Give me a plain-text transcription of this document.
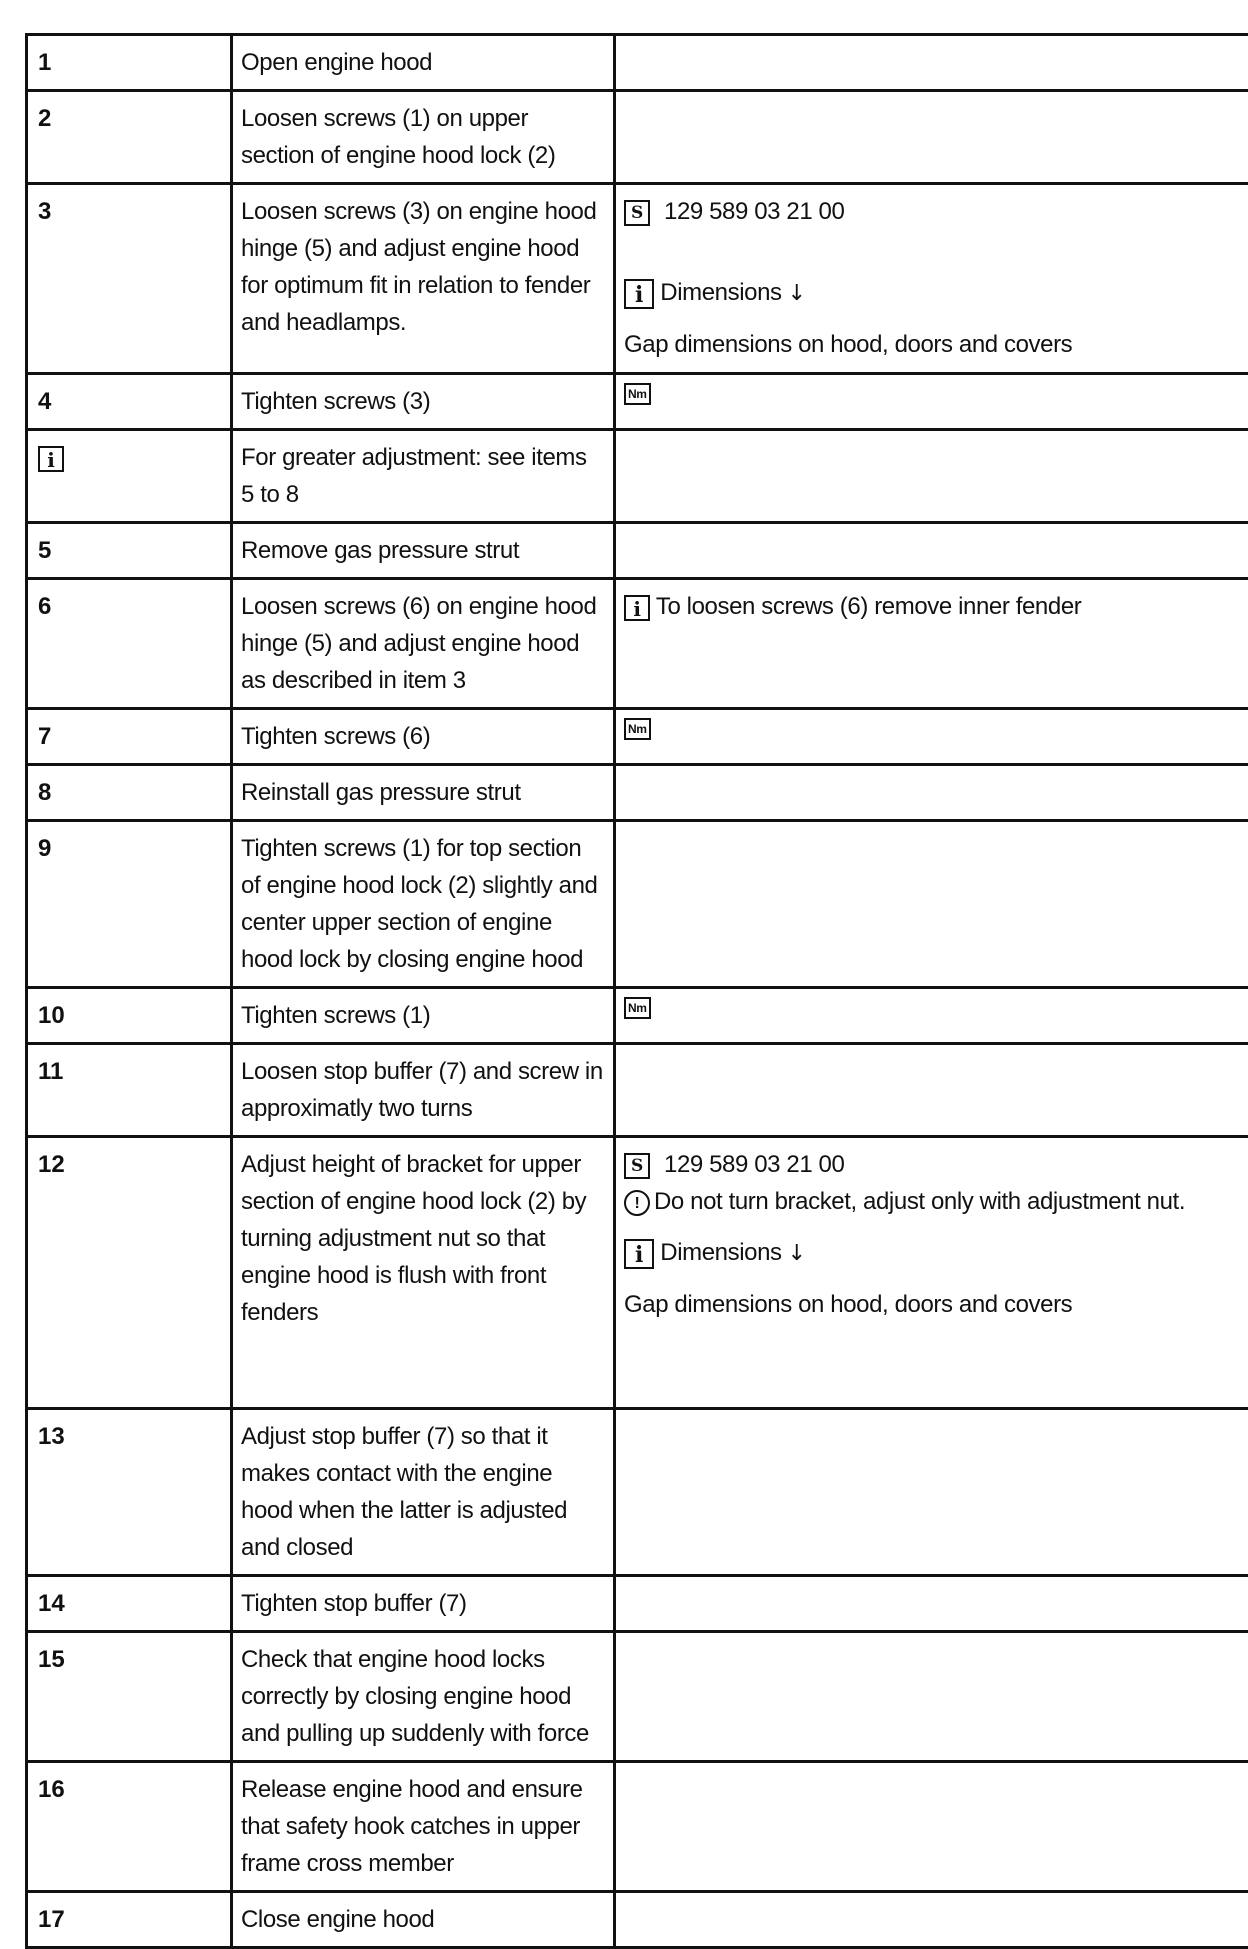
1	Open engine hood	
2	Loosen screws (1) on upper section of engine hood lock (2)	
3	Loosen screws (3) on engine hood hinge (5) and adjust engine hood for optimum fit in relation to fender and headlamps.	S 129 589 03 21 00
i Dimensions ↓
Gap dimensions on hood, doors and covers

4	Tighten screws (3)	Nm
i	For greater adjustment: see items 5 to 8	
5	Remove gas pressure strut	
6	Loosen screws (6) on engine hood hinge (5) and adjust engine hood as described in item 3	i To loosen screws (6) remove inner fender
7	Tighten screws (6)	Nm
8	Reinstall gas pressure strut	
9	Tighten screws (1) for top section of engine hood lock (2) slightly and center upper section of engine hood lock by closing engine hood	
10	Tighten screws (1)	Nm
11	Loosen stop buffer (7) and screw in approximatly two turns	
12	Adjust height of bracket for upper section of engine hood lock (2) by turning adjustment nut so that engine hood is flush with front fenders	S 129 589 03 21 00
! Do not turn bracket, adjust only with adjustment nut.
i Dimensions ↓
Gap dimensions on hood, doors and covers

13	Adjust stop buffer (7) so that it makes contact with the engine hood when the latter is adjusted and closed	
14	Tighten stop buffer (7)	
15	Check that engine hood locks correctly by closing engine hood and pulling up suddenly with force	
16	Release engine hood and ensure that safety hook catches in upper frame cross member	
17	Close engine hood	
